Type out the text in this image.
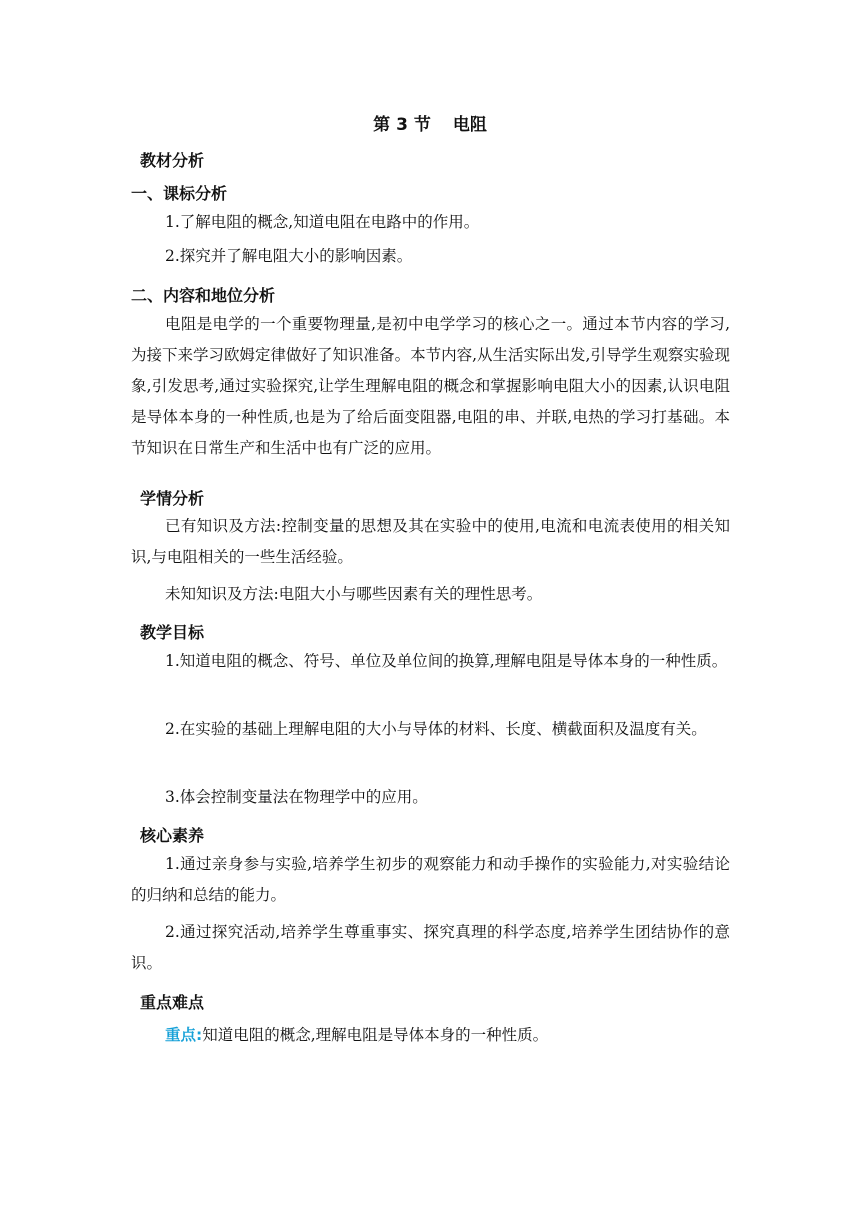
第 3 节 电阻
教材分析
一、课标分析

1.了解电阻的概念,知道电阻在电路中的作用。

2.探究并了解电阻大小的影响因素。

二、内容和地位分析

电阻是电学的一个重要物理量,是初中电学学习的核心之一。通过本节内容的学习,为接下来学习欧姆定律做好了知识准备。本节内容,从生活实际出发,引导学生观察实验现象,引发思考,通过实验探究,让学生理解电阻的概念和掌握影响电阻大小的因素,认识电阻是导体本身的一种性质,也是为了给后面变阻器,电阻的串、并联,电热的学习打基础。本节知识在日常生产和生活中也有广泛的应用。

学情分析

已有知识及方法:控制变量的思想及其在实验中的使用,电流和电流表使用的相关知识,与电阻相关的一些生活经验。

未知知识及方法:电阻大小与哪些因素有关的理性思考。

教学目标

1.知道电阻的概念、符号、单位及单位间的换算,理解电阻是导体本身的一种性质。

2.在实验的基础上理解电阻的大小与导体的材料、长度、横截面积及温度有关。

3.体会控制变量法在物理学中的应用。

核心素养

1.通过亲身参与实验,培养学生初步的观察能力和动手操作的实验能力,对实验结论的归纳和总结的能力。

2.通过探究活动,培养学生尊重事实、探究真理的科学态度,培养学生团结协作的意识。

重点难点

重点:知道电阻的概念,理解电阻是导体本身的一种性质。
